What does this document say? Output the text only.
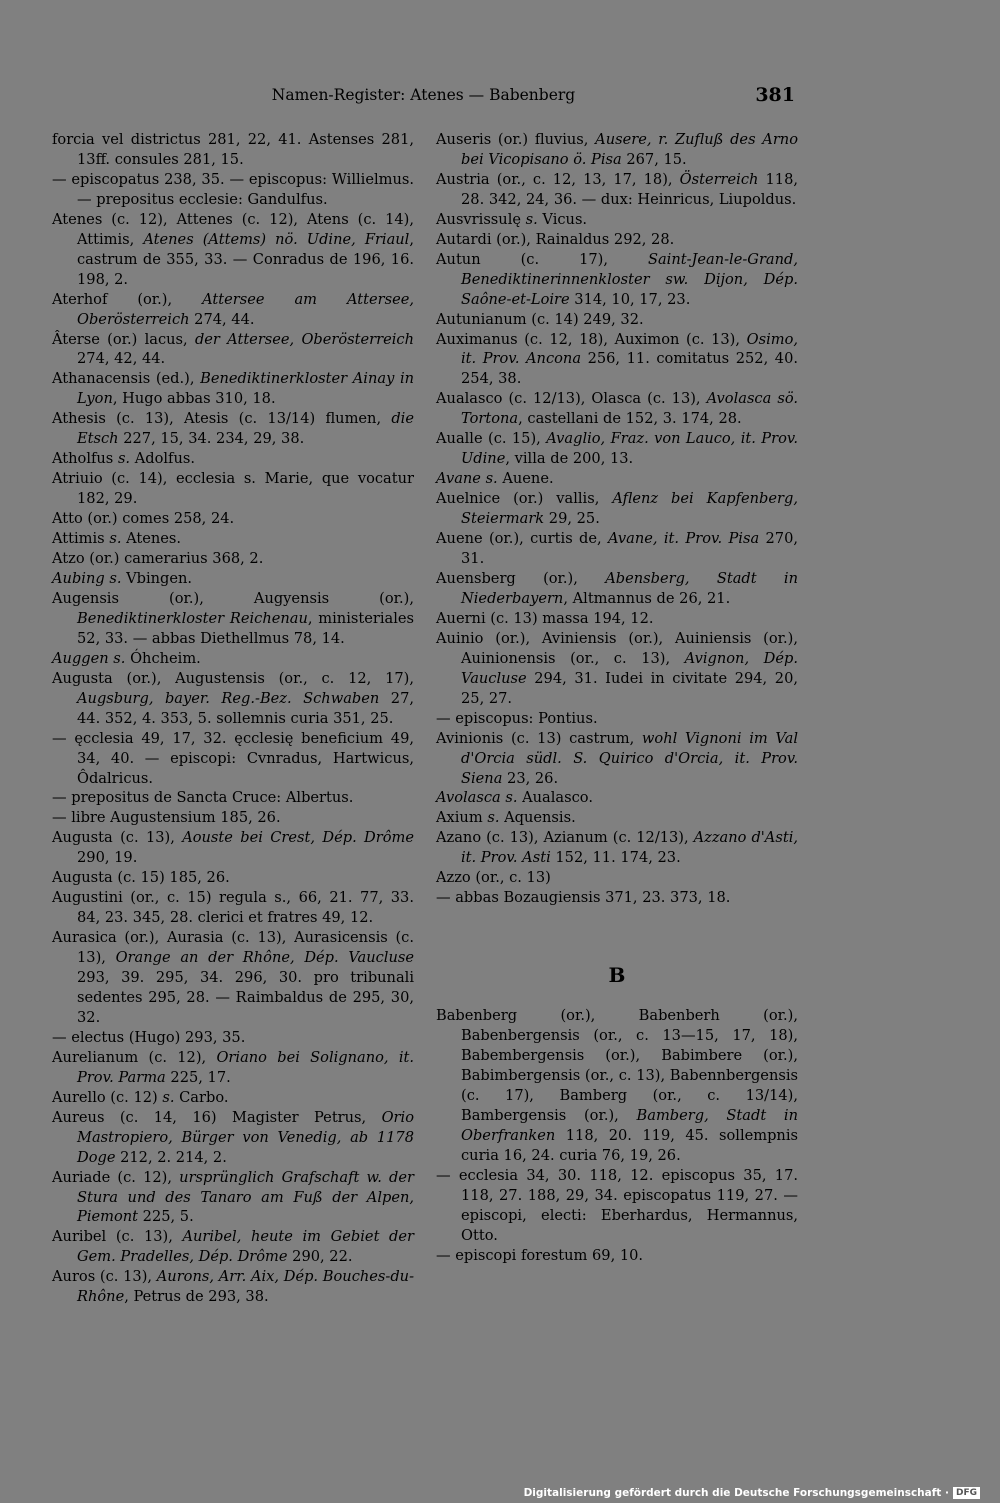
Namen-Register: Atenes — Babenberg	381
forcia vel districtus 281, 22, 41. Astenses 281, 13ff. consules 281, 15.
— episcopatus 238, 35. — episcopus: Willielmus. — prepositus ecclesie: Gandulfus.
Atenes (c. 12), Attenes (c. 12), Atens (c. 14), Attimis, Atenes (Attems) nö. Udine, Friaul, castrum de 355, 33. — Conradus de 196, 16. 198, 2.
Aterhof (or.), Attersee am Attersee, Oberösterreich 274, 44.
Âterse (or.) lacus, der Attersee, Oberösterreich 274, 42, 44.
Athanacensis (ed.), Benediktinerkloster Ainay in Lyon, Hugo abbas 310, 18.
Athesis (c. 13), Atesis (c. 13/14) flumen, die Etsch 227, 15, 34. 234, 29, 38.
Atholfus s. Adolfus.
Atriuio (c. 14), ecclesia s. Marie, que vocatur 182, 29.
Atto (or.) comes 258, 24.
Attimis s. Atenes.
Atzo (or.) camerarius 368, 2.
Aubing s. Vbingen.
Augensis (or.), Augyensis (or.), Benediktinerkloster Reichenau, ministeriales 52, 33. — abbas Diethellmus 78, 14.
Auggen s. Óhcheim.
Augusta (or.), Augustensis (or., c. 12, 17), Augsburg, bayer. Reg.-Bez. Schwaben 27, 44. 352, 4. 353, 5. sollemnis curia 351, 25.
— ęcclesia 49, 17, 32. ęcclesię beneficium 49, 34, 40. — episcopi: Cvnradus, Hartwicus, Ôdalricus.
— prepositus de Sancta Cruce: Albertus.
— libre Augustensium 185, 26.
Augusta (c. 13), Aouste bei Crest, Dép. Drôme 290, 19.
Augusta (c. 15) 185, 26.
Augustini (or., c. 15) regula s., 66, 21. 77, 33. 84, 23. 345, 28. clerici et fratres 49, 12.
Aurasica (or.), Aurasia (c. 13), Aurasicensis (c. 13), Orange an der Rhône, Dép. Vaucluse 293, 39. 295, 34. 296, 30. pro tribunali sedentes 295, 28. — Raimbaldus de 295, 30, 32.
— electus (Hugo) 293, 35.
Aurelianum (c. 12), Oriano bei Solignano, it. Prov. Parma 225, 17.
Aurello (c. 12) s. Carbo.
Aureus (c. 14, 16) Magister Petrus, Orio Mastropiero, Bürger von Venedig, ab 1178 Doge 212, 2. 214, 2.
Auriade (c. 12), ursprünglich Grafschaft w. der Stura und des Tanaro am Fuß der Alpen, Piemont 225, 5.
Auribel (c. 13), Auribel, heute im Gebiet der Gem. Pradelles, Dép. Drôme 290, 22.
Auros (c. 13), Aurons, Arr. Aix, Dép. Bouches-du-Rhône, Petrus de 293, 38.
Auseris (or.) fluvius, Ausere, r. Zufluß des Arno bei Vicopisano ö. Pisa 267, 15.
Austria (or., c. 12, 13, 17, 18), Österreich 118, 28. 342, 24, 36. — dux: Heinricus, Liupoldus.
Ausvrissulę s. Vicus.
Autardi (or.), Rainaldus 292, 28.
Autun (c. 17), Saint-Jean-le-Grand, Benediktinerinnenkloster sw. Dijon, Dép. Saône-et-Loire 314, 10, 17, 23.
Autunianum (c. 14) 249, 32.
Auximanus (c. 12, 18), Auximon (c. 13), Osimo, it. Prov. Ancona 256, 11. comitatus 252, 40. 254, 38.
Aualasco (c. 12/13), Olasca (c. 13), Avolasca sö. Tortona, castellani de 152, 3. 174, 28.
Aualle (c. 15), Avaglio, Fraz. von Lauco, it. Prov. Udine, villa de 200, 13.
Avane s. Auene.
Auelnice (or.) vallis, Aflenz bei Kapfenberg, Steiermark 29, 25.
Auene (or.), curtis de, Avane, it. Prov. Pisa 270, 31.
Auensberg (or.), Abensberg, Stadt in Niederbayern, Altmannus de 26, 21.
Auerni (c. 13) massa 194, 12.
Auinio (or.), Aviniensis (or.), Auiniensis (or.), Auinionensis (or., c. 13), Avignon, Dép. Vaucluse 294, 31. Iudei in civitate 294, 20, 25, 27.
— episcopus: Pontius.
Avinionis (c. 13) castrum, wohl Vignoni im Val d'Orcia südl. S. Quirico d'Orcia, it. Prov. Siena 23, 26.
Avolasca s. Aualasco.
Axium s. Aquensis.
Azano (c. 13), Azianum (c. 12/13), Azzano d'Asti, it. Prov. Asti 152, 11. 174, 23.
Azzo (or., c. 13)
— abbas Bozaugiensis 371, 23. 373, 18.
B
Babenberg (or.), Babenberh (or.), Babenbergensis (or., c. 13—15, 17, 18), Babembergensis (or.), Babimbere (or.), Babimbergensis (or., c. 13), Babennbergensis (c. 17), Bamberg (or., c. 13/14), Bambergensis (or.), Bamberg, Stadt in Oberfranken 118, 20. 119, 45. sollempnis curia 16, 24. curia 76, 19, 26.
— ecclesia 34, 30. 118, 12. episcopus 35, 17. 118, 27. 188, 29, 34. episcopatus 119, 27. — episcopi, electi: Eberhardus, Hermannus, Otto.
— episcopi forestum 69, 10.
Digitalisierung gefördert durch die Deutsche Forschungsgemeinschaft · DFG
